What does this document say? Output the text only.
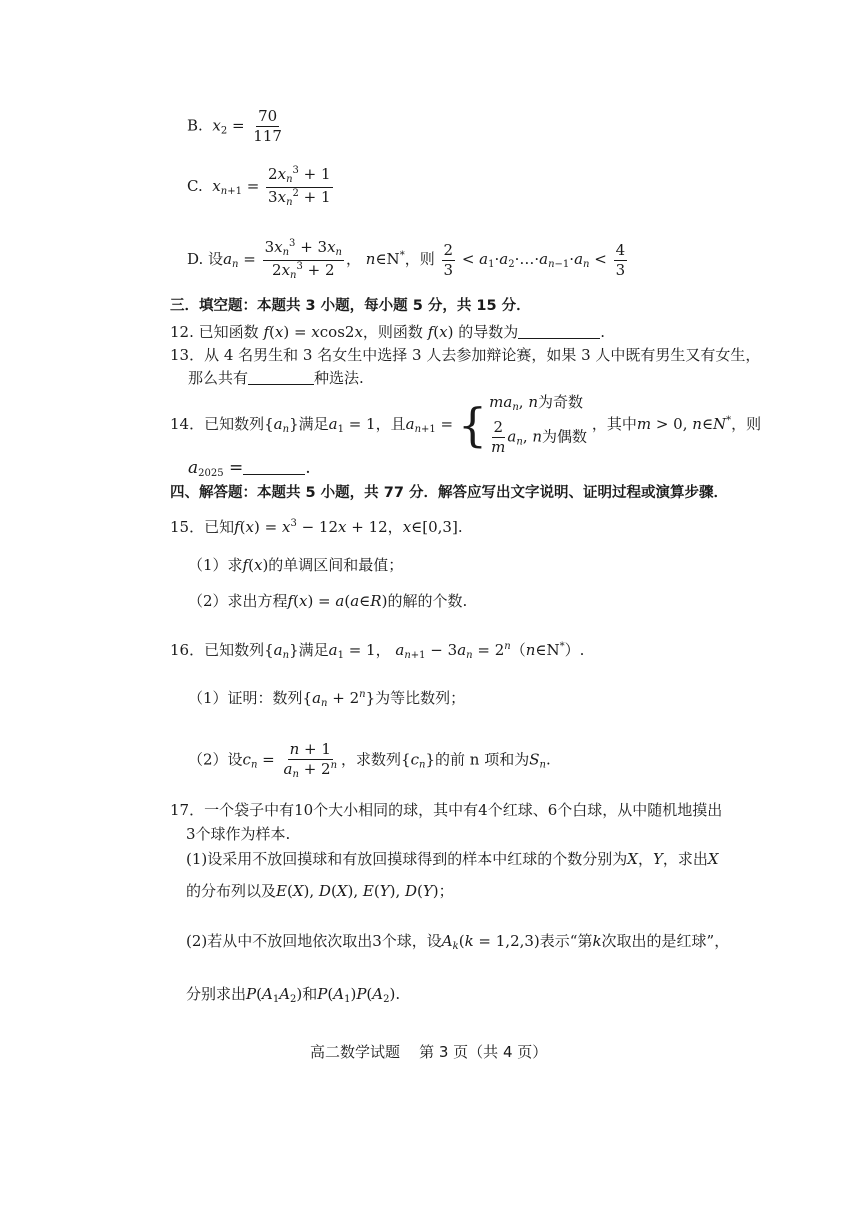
B. $x_2 = \frac{70}{117}$
C. $x_{n+1} = \frac{2x_n^3 + 1}{3x_n^2 + 1}$
D. 设$a_n = \frac{3x_n^3 + 3x_n}{2x_n^3 + 2}$ ， n∈N*，则 $\frac{2}{3}$ < $a_1\cdot a_2\cdot\dots\cdot a_{n-1}\cdot a_n < \frac{4}{3}$
三．填空题：本题共 3 小题，每小题 5 分，共 15 分．
12. 已知函数 f(x) = xcos2x，则函数 f(x) 的导数为	.
13．从 4 名男生和 3 名女生中选择 3 人去参加辩论赛，如果 3 人中既有男生又有女生，
那么共有	种选法.
14．已知数列$\{a_n\}$满足$a_1 = 1$，且$a_{n+1}$ = { $ma_n$, n为奇数
$\frac{2}{m} a_n$, n为偶数
，其中m > 0, n∈N*，则
$a_{2025}$ =	.
四、解答题：本题共 5 小题，共 77 分．解答应写出文字说明、证明过程或演算步骤．
15．已知$f(x) = x^3 - 12x + 12$，x∈[0,3].
（1）求f(x)的单调区间和最值；
（2）求出方程f(x) = a(a∈R)的解的个数.
16．已知数列$\{a_n\}$满足$a_1 = 1$， $a_{n+1} - 3a_n$ = $2^n(n\in N^*)$.
（1）证明：数列$\{a_n + 2^n\}$为等比数列；
（2）设$c_n = \frac{n + 1}{a_n + 2^n}$ ，求数列$\{c_n\}$的前 n 项和为$S_n$.
17．一个袋子中有10个大小相同的球，其中有4个红球、6个白球，从中随机地摸出
3个球作为样本.
(1)设采用不放回摸球和有放回摸球得到的样本中红球的个数分别为X，Y，求出X
的分布列以及E(X), D(X), E(Y), D(Y)；
(2)若从中不放回地依次取出3个球，设$A_k(k = 1,2,3)$表示“第k次取出的是红球”，
分别求出$P(A_1A_2)$和$P(A_1)P(A_2)$.
高二数学试题 第 3 页（共 4 页）
